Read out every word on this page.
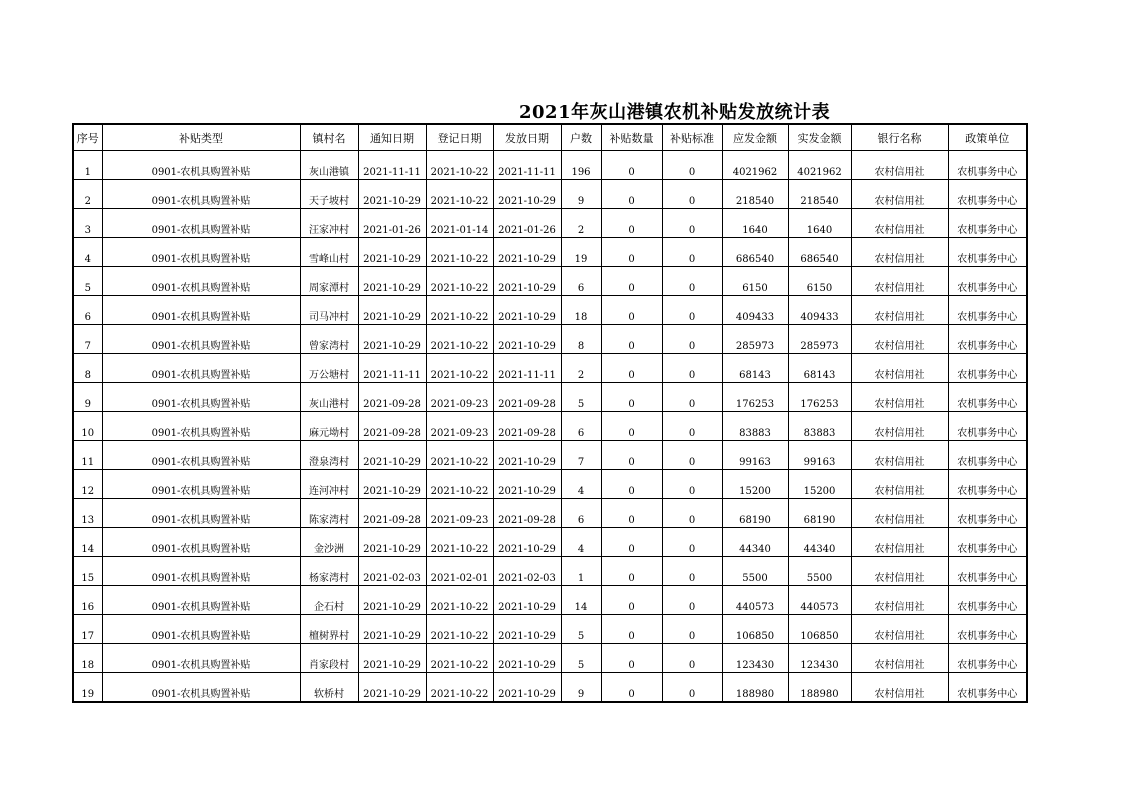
2021年灰山港镇农机补贴发放统计表
序号	补贴类型	镇村名	通知日期	登记日期	发放日期	户数	补贴数量	补贴标准	应发金额	实发金额	银行名称	政策单位
1	0901-农机具购置补贴	灰山港镇	2021-11-11	2021-10-22	2021-11-11	196	0	0	4021962	4021962	农村信用社	农机事务中心
2	0901-农机具购置补贴	天子坡村	2021-10-29	2021-10-22	2021-10-29	9	0	0	218540	218540	农村信用社	农机事务中心
3	0901-农机具购置补贴	汪家冲村	2021-01-26	2021-01-14	2021-01-26	2	0	0	1640	1640	农村信用社	农机事务中心
4	0901-农机具购置补贴	雪峰山村	2021-10-29	2021-10-22	2021-10-29	19	0	0	686540	686540	农村信用社	农机事务中心
5	0901-农机具购置补贴	周家潭村	2021-10-29	2021-10-22	2021-10-29	6	0	0	6150	6150	农村信用社	农机事务中心
6	0901-农机具购置补贴	司马冲村	2021-10-29	2021-10-22	2021-10-29	18	0	0	409433	409433	农村信用社	农机事务中心
7	0901-农机具购置补贴	曾家湾村	2021-10-29	2021-10-22	2021-10-29	8	0	0	285973	285973	农村信用社	农机事务中心
8	0901-农机具购置补贴	万公塘村	2021-11-11	2021-10-22	2021-11-11	2	0	0	68143	68143	农村信用社	农机事务中心
9	0901-农机具购置补贴	灰山港村	2021-09-28	2021-09-23	2021-09-28	5	0	0	176253	176253	农村信用社	农机事务中心
10	0901-农机具购置补贴	麻元坳村	2021-09-28	2021-09-23	2021-09-28	6	0	0	83883	83883	农村信用社	农机事务中心
11	0901-农机具购置补贴	澄泉湾村	2021-10-29	2021-10-22	2021-10-29	7	0	0	99163	99163	农村信用社	农机事务中心
12	0901-农机具购置补贴	连河冲村	2021-10-29	2021-10-22	2021-10-29	4	0	0	15200	15200	农村信用社	农机事务中心
13	0901-农机具购置补贴	陈家湾村	2021-09-28	2021-09-23	2021-09-28	6	0	0	68190	68190	农村信用社	农机事务中心
14	0901-农机具购置补贴	金沙洲	2021-10-29	2021-10-22	2021-10-29	4	0	0	44340	44340	农村信用社	农机事务中心
15	0901-农机具购置补贴	杨家湾村	2021-02-03	2021-02-01	2021-02-03	1	0	0	5500	5500	农村信用社	农机事务中心
16	0901-农机具购置补贴	企石村	2021-10-29	2021-10-22	2021-10-29	14	0	0	440573	440573	农村信用社	农机事务中心
17	0901-农机具购置补贴	檀树界村	2021-10-29	2021-10-22	2021-10-29	5	0	0	106850	106850	农村信用社	农机事务中心
18	0901-农机具购置补贴	肖家段村	2021-10-29	2021-10-22	2021-10-29	5	0	0	123430	123430	农村信用社	农机事务中心
19	0901-农机具购置补贴	软桥村	2021-10-29	2021-10-22	2021-10-29	9	0	0	188980	188980	农村信用社	农机事务中心
